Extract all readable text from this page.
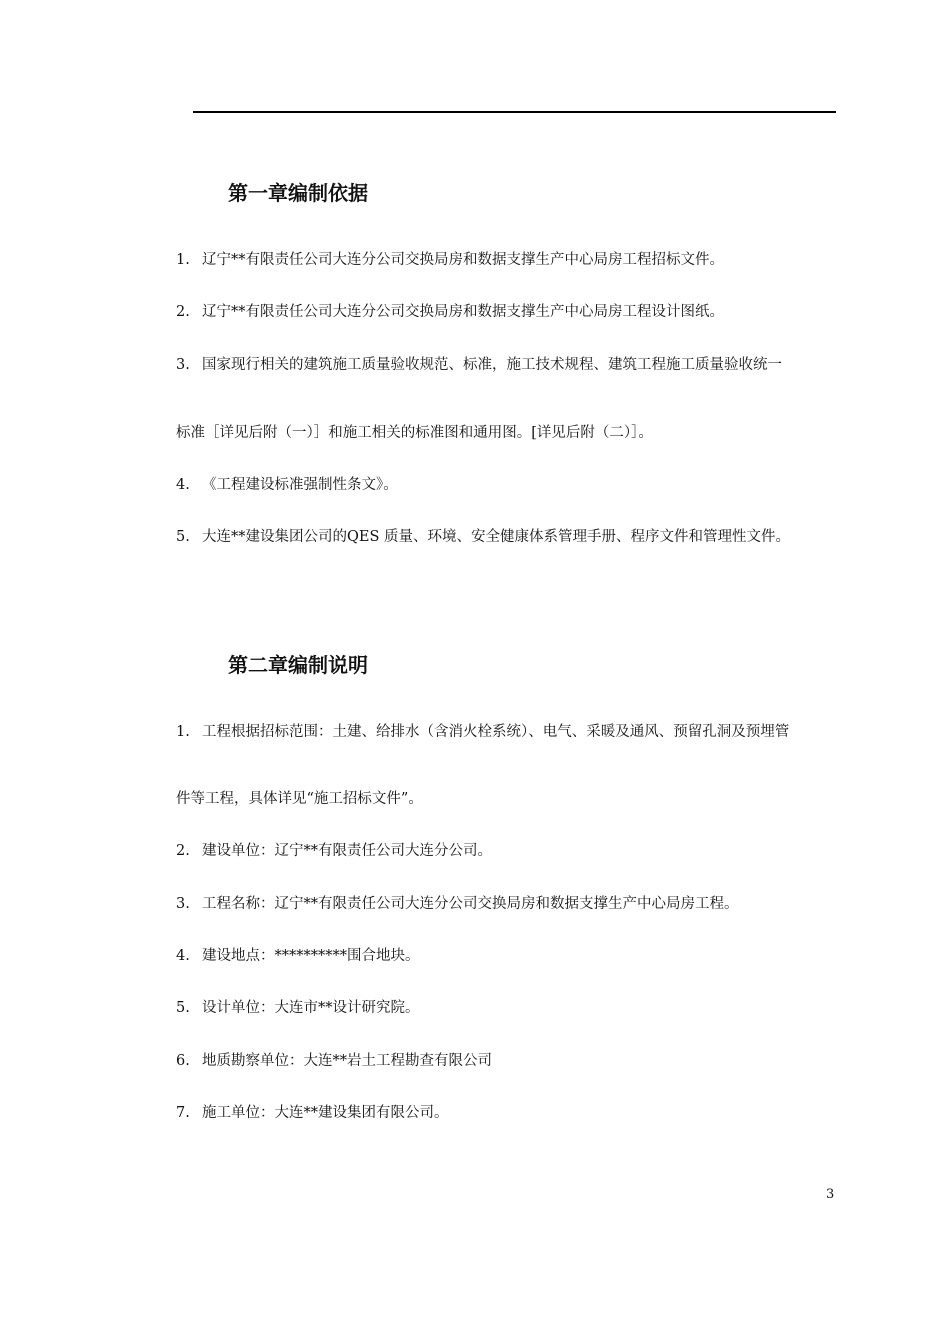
第一章编制依据

1. 辽宁**有限责任公司大连分公司交换局房和数据支撑生产中心局房工程招标文件。

2. 辽宁**有限责任公司大连分公司交换局房和数据支撑生产中心局房工程设计图纸。

3. 国家现行相关的建筑施工质量验收规范、标准，施工技术规程、建筑工程施工质量验收统一

标准［详见后附（一）］和施工相关的标准图和通用图。[详见后附（二）］。

4. 《工程建设标准强制性条文》。

5. 大连**建设集团公司的QES 质量、环境、安全健康体系管理手册、程序文件和管理性文件。

第二章编制说明

1. 工程根据招标范围：土建、给排水（含消火栓系统）、电气、采暖及通风、预留孔洞及预埋管

件等工程，具体详见“施工招标文件”。

2. 建设单位：辽宁**有限责任公司大连分公司。

3. 工程名称：辽宁**有限责任公司大连分公司交换局房和数据支撑生产中心局房工程。

4. 建设地点：**********围合地块。

5. 设计单位：大连市**设计研究院。

6. 地质勘察单位：大连**岩土工程勘查有限公司

7. 施工单位：大连**建设集团有限公司。

3
